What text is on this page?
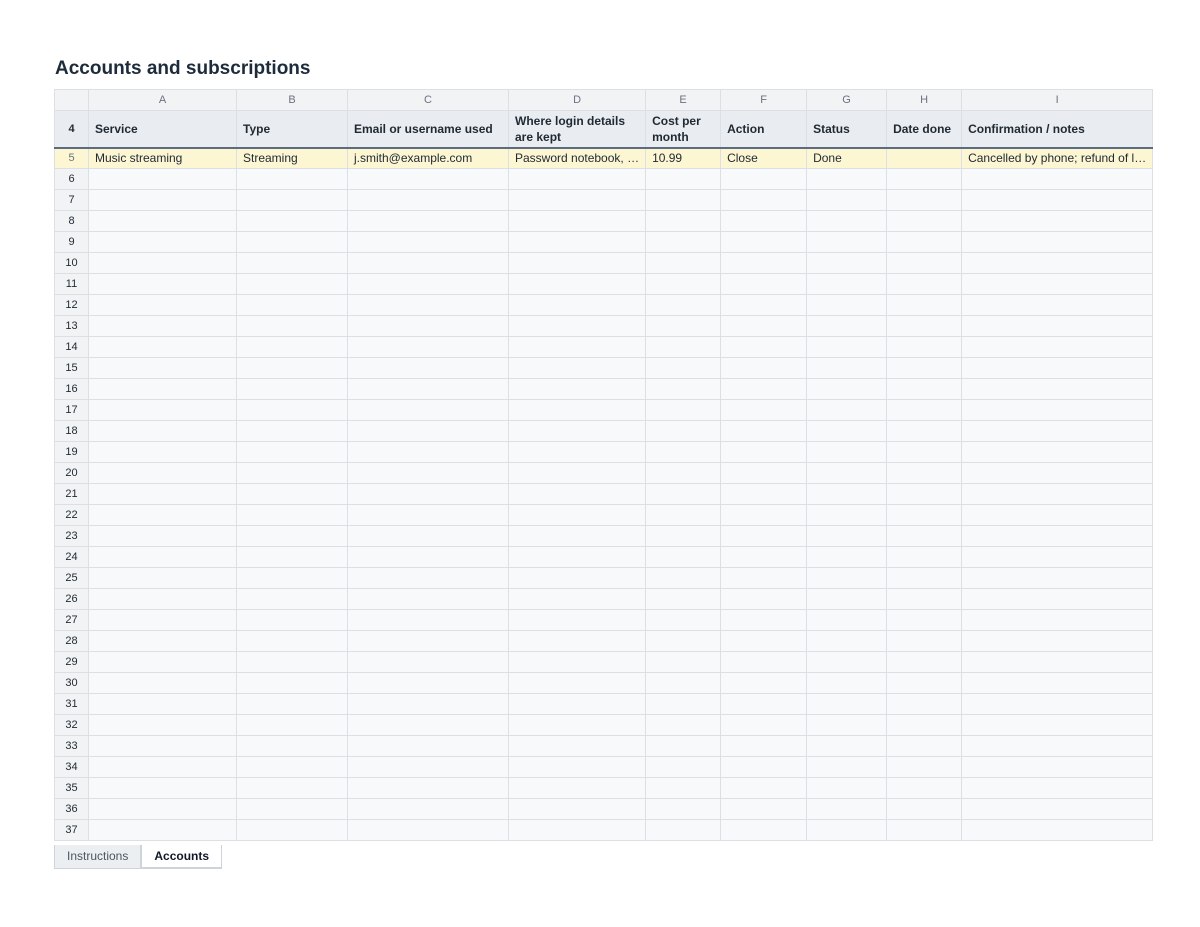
Accounts and subscriptions
	A	B	C	D	E	F	G	H	I
4	Service	Type	Email or username used	Where login details are kept	Cost per month	Action	Status	Date done	Confirmation / notes
5	Music streaming	Streaming	j.smith@example.com	Password notebook, …	10.99	Close	Done		Cancelled by phone; refund of l…
6									
7									
8									
9									
10									
11									
12									
13									
14									
15									
16									
17									
18									
19									
20									
21									
22									
23									
24									
25									
26									
27									
28									
29									
30									
31									
32									
33									
34									
35									
36									
37									
Instructions	Accounts
